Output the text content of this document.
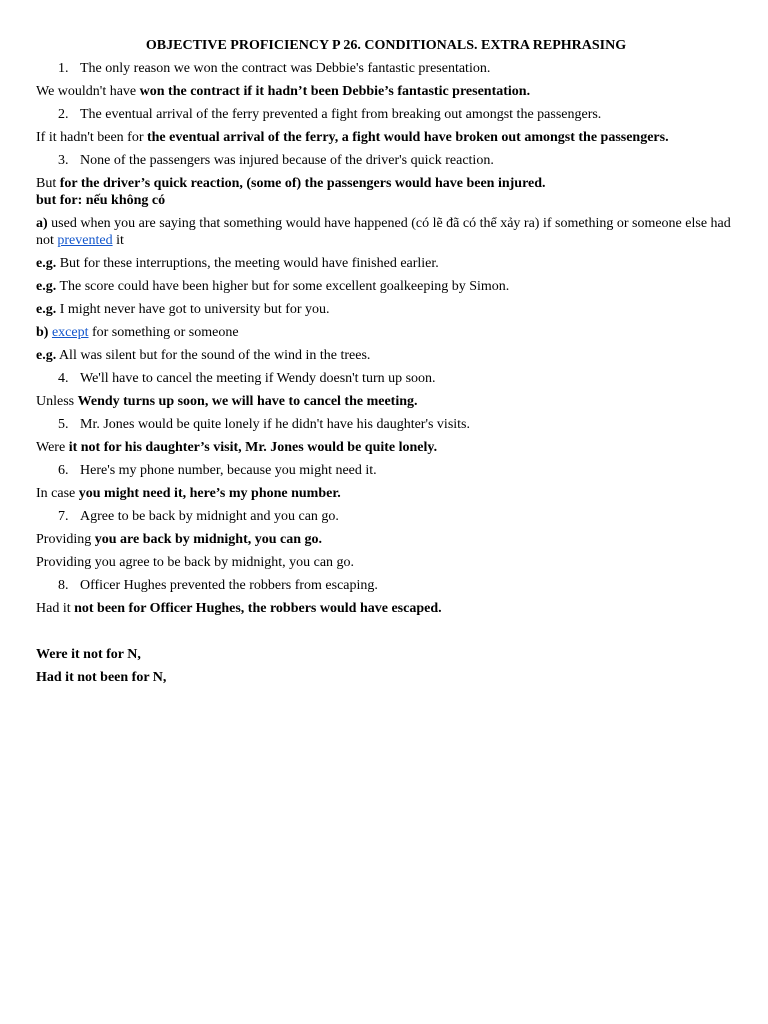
OBJECTIVE PROFICIENCY P 26. CONDITIONALS. EXTRA REPHRASING
1. The only reason we won the contract was Debbie's fantastic presentation.
We wouldn't have won the contract if it hadn’t been Debbie’s fantastic presentation.
2. The eventual arrival of the ferry prevented a fight from breaking out amongst the passengers.
If it hadn't been for the eventual arrival of the ferry, a fight would have broken out amongst the passengers.
3. None of the passengers was injured because of the driver's quick reaction.
But for the driver’s quick reaction, (some of) the passengers would have been injured.
but for: nếu không có
a) used when you are saying that something would have happened (có lẽ đã có thể xảy ra) if something or someone else had not prevented it
e.g. But for these interruptions, the meeting would have finished earlier.
e.g. The score could have been higher but for some excellent goalkeeping by Simon.
e.g. I might never have got to university but for you.
b) except for something or someone
e.g. All was silent but for the sound of the wind in the trees.
4. We'll have to cancel the meeting if Wendy doesn't turn up soon.
Unless Wendy turns up soon, we will have to cancel the meeting.
5. Mr. Jones would be quite lonely if he didn't have his daughter's visits.
Were it not for his daughter’s visit, Mr. Jones would be quite lonely.
6. Here's my phone number, because you might need it.
In case you might need it, here’s my phone number.
7. Agree to be back by midnight and you can go.
Providing you are back by midnight, you can go.
Providing you agree to be back by midnight, you can go.
8. Officer Hughes prevented the robbers from escaping.
Had it not been for Officer Hughes, the robbers would have escaped.
Were it not for N,
Had it not been for N,
